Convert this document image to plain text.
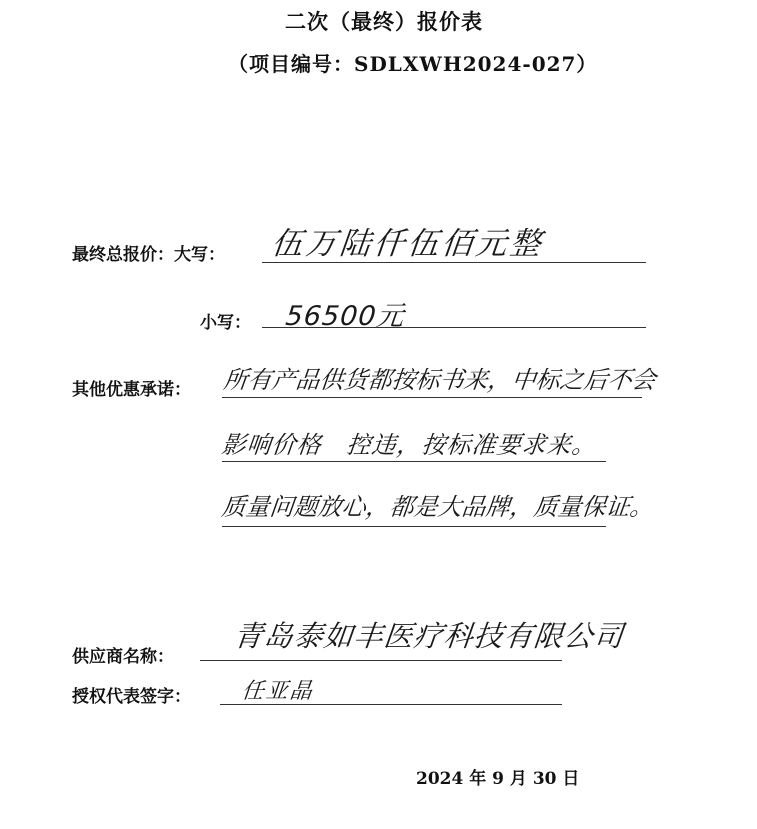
二次（最终）报价表
（项目编号：SDLXWH2024-027）
最终总报价：大写： 伍万陆仟伍佰元整
小写： 56500元
其他优惠承诺： 所有产品供货都按标书来，中标之后不会
影响价格　控违，按标准要求来。
质量问题放心，都是大品牌，质量保证。
供应商名称：
青岛泰如丰医疗科技有限公司
授权代表签字： 任亚晶
2024 年 9 月 30 日
